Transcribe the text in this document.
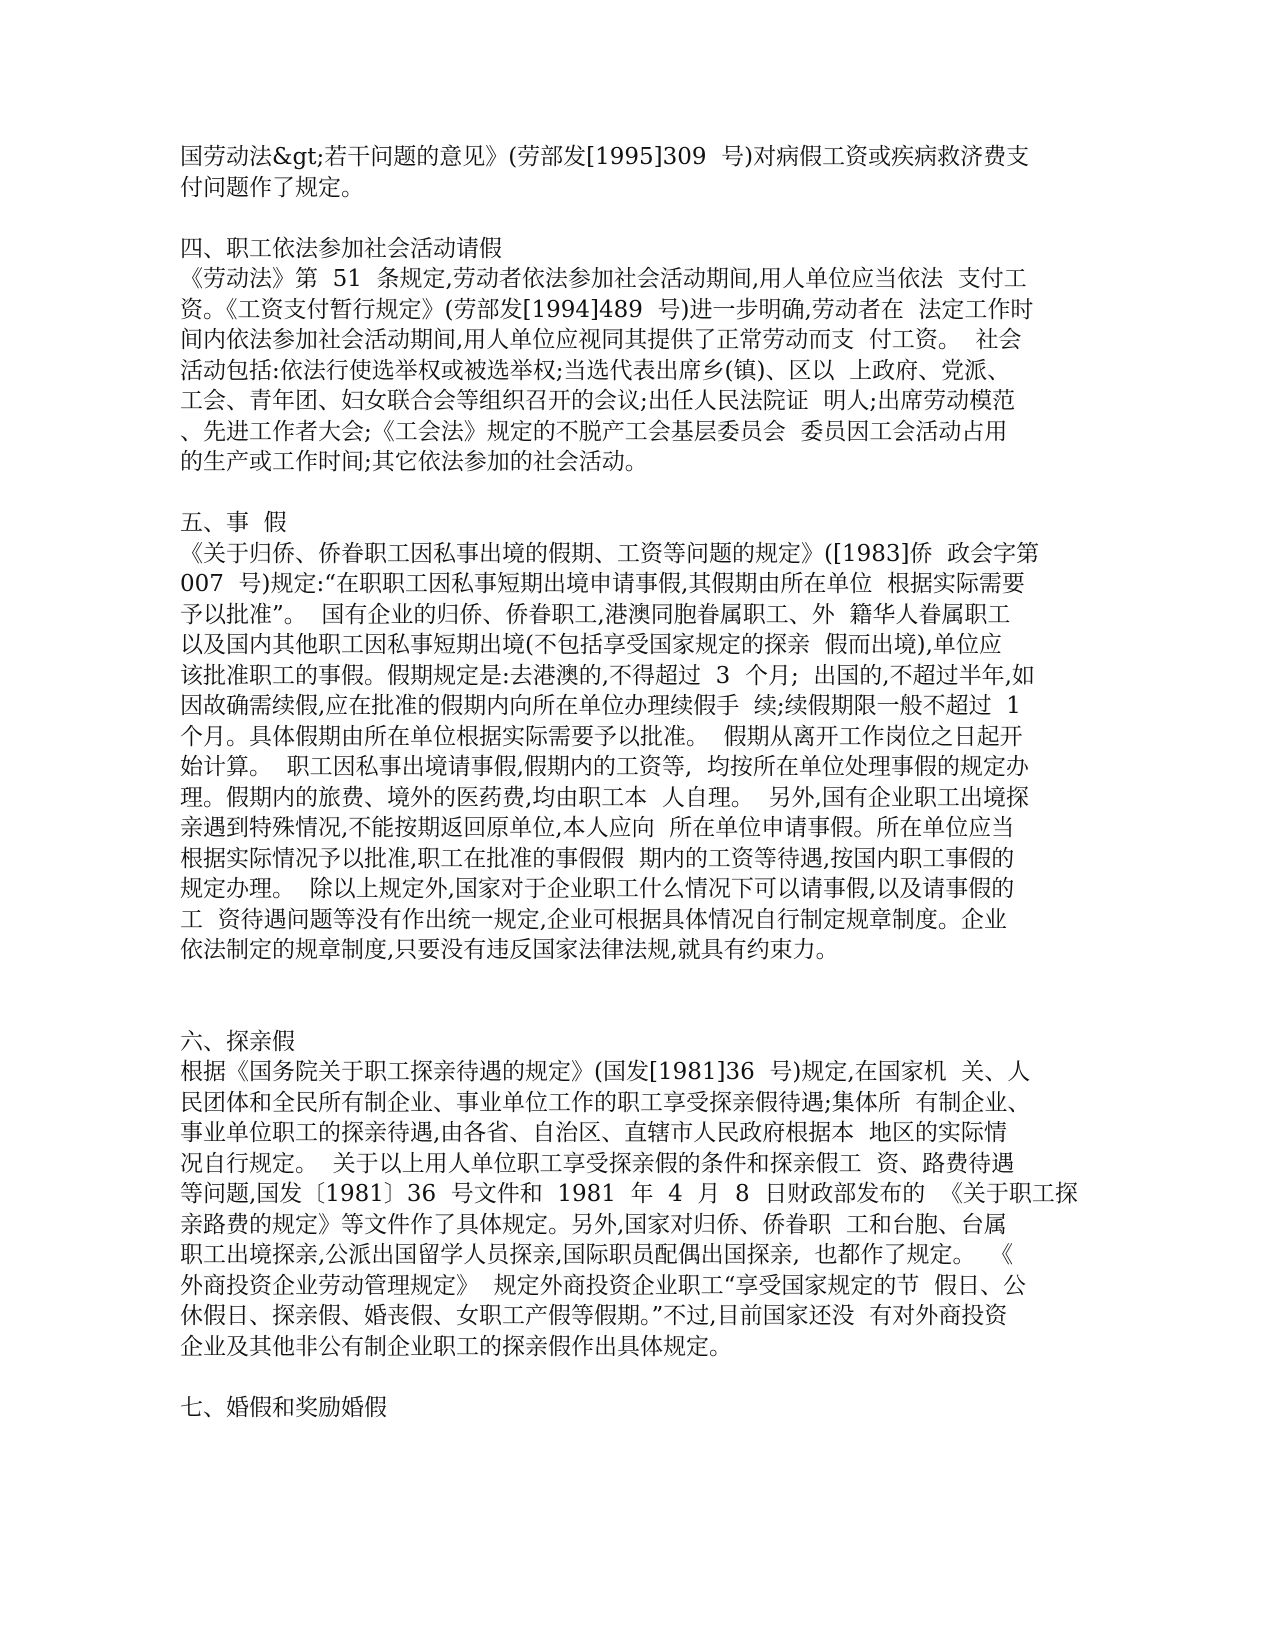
国劳动法&gt;若干问题的意见》(劳部发[1995]309  号)对病假工资或疾病救济费支
付问题作了规定。
四、职工依法参加社会活动请假
《劳动法》第  51  条规定,劳动者依法参加社会活动期间,用人单位应当依法  支付工
资。《工资支付暂行规定》(劳部发[1994]489  号)进一步明确,劳动者在  法定工作时
间内依法参加社会活动期间,用人单位应视同其提供了正常劳动而支  付工资。  社会
活动包括:依法行使选举权或被选举权;当选代表出席乡(镇)、区以  上政府、党派、
工会、青年团、妇女联合会等组织召开的会议;出任人民法院证  明人;出席劳动模范
、先进工作者大会;《工会法》规定的不脱产工会基层委员会  委员因工会活动占用
的生产或工作时间;其它依法参加的社会活动。
五、事  假
《关于归侨、侨眷职工因私事出境的假期、工资等问题的规定》([1983]侨  政会字第
007  号)规定:“在职职工因私事短期出境申请事假,其假期由所在单位  根据实际需要
予以批准”。  国有企业的归侨、侨眷职工,港澳同胞眷属职工、外  籍华人眷属职工
以及国内其他职工因私事短期出境(不包括享受国家规定的探亲  假而出境),单位应
该批准职工的事假。假期规定是:去港澳的,不得超过  3  个月;  出国的,不超过半年,如
因故确需续假,应在批准的假期内向所在单位办理续假手  续;续假期限一般不超过  1
个月。具体假期由所在单位根据实际需要予以批准。  假期从离开工作岗位之日起开
始计算。  职工因私事出境请事假,假期内的工资等,  均按所在单位处理事假的规定办
理。假期内的旅费、境外的医药费,均由职工本  人自理。  另外,国有企业职工出境探
亲遇到特殊情况,不能按期返回原单位,本人应向  所在单位申请事假。所在单位应当
根据实际情况予以批准,职工在批准的事假假  期内的工资等待遇,按国内职工事假的
规定办理。  除以上规定外,国家对于企业职工什么情况下可以请事假,以及请事假的
工  资待遇问题等没有作出统一规定,企业可根据具体情况自行制定规章制度。企业
依法制定的规章制度,只要没有违反国家法律法规,就具有约束力。
六、探亲假
根据《国务院关于职工探亲待遇的规定》(国发[1981]36  号)规定,在国家机  关、人
民团体和全民所有制企业、事业单位工作的职工享受探亲假待遇;集体所  有制企业、
事业单位职工的探亲待遇,由各省、自治区、直辖市人民政府根据本  地区的实际情
况自行规定。  关于以上用人单位职工享受探亲假的条件和探亲假工  资、路费待遇
等问题,国发〔1981〕36  号文件和  1981  年  4  月  8  日财政部发布的  《关于职工探
亲路费的规定》等文件作了具体规定。另外,国家对归侨、侨眷职  工和台胞、台属
职工出境探亲,公派出国留学人员探亲,国际职员配偶出国探亲,  也都作了规定。  《
外商投资企业劳动管理规定》  规定外商投资企业职工“享受国家规定的节  假日、公
休假日、探亲假、婚丧假、女职工产假等假期。”不过,目前国家还没  有对外商投资
企业及其他非公有制企业职工的探亲假作出具体规定。
七、婚假和奖励婚假
